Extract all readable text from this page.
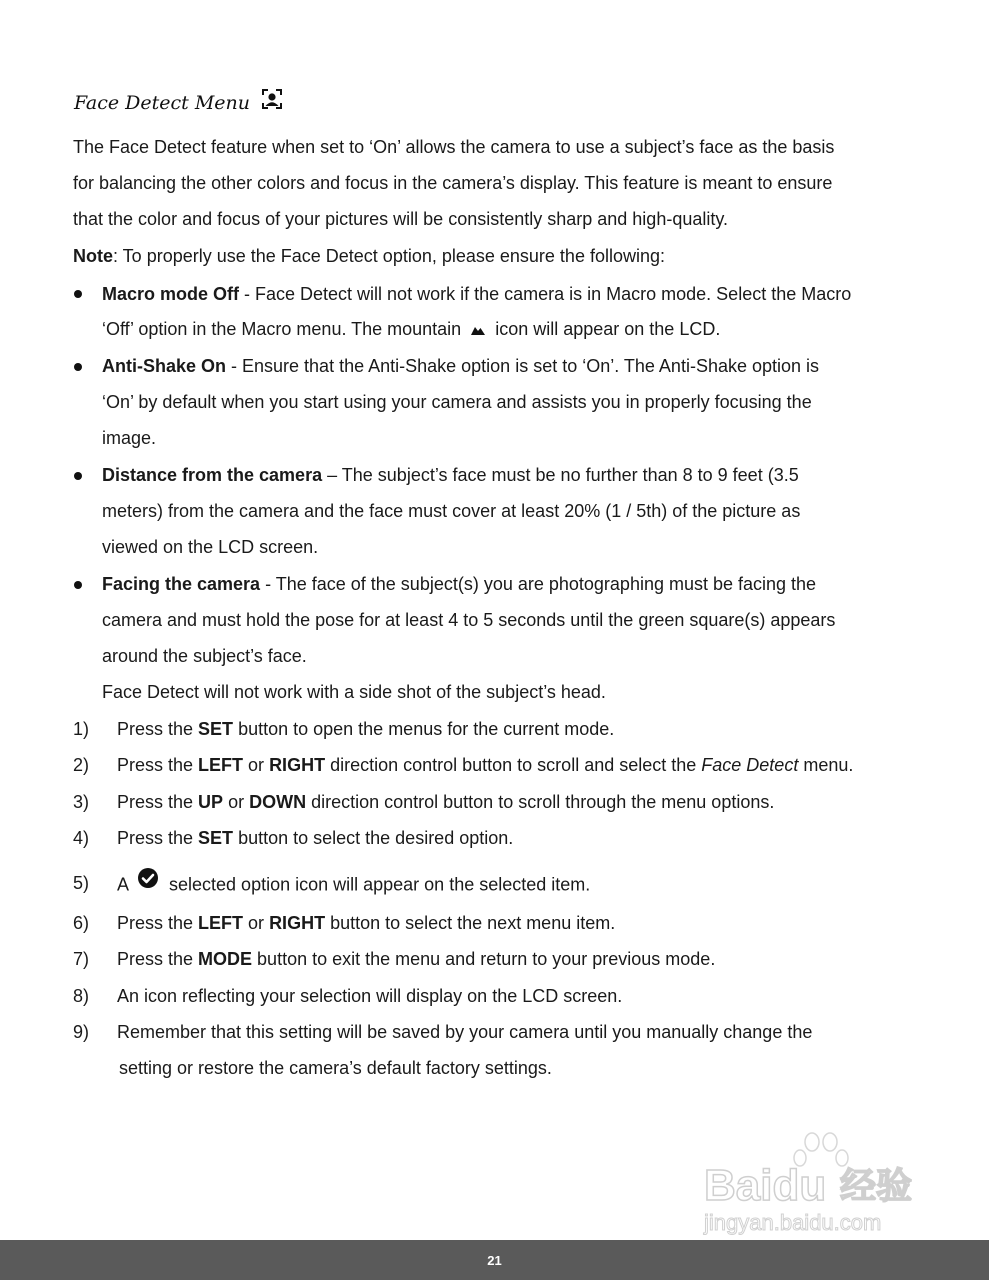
Face Detect Menu
The Face Detect feature when set to ‘On’ allows the camera to use a subject’s face as the basis
for balancing the other colors and focus in the camera’s display. This feature is meant to ensure
that the color and focus of your pictures will be consistently sharp and high-quality.
Note: To properly use the Face Detect option, please ensure the following:
Macro mode Off - Face Detect will not work if the camera is in Macro mode. Select the Macro
‘Off’ option in the Macro menu. The mountain icon will appear on the LCD.
Anti-Shake On - Ensure that the Anti-Shake option is set to ‘On’. The Anti-Shake option is
‘On’ by default when you start using your camera and assists you in properly focusing the
image.
Distance from the camera – The subject’s face must be no further than 8 to 9 feet (3.5
meters) from the camera and the face must cover at least 20% (1 / 5th) of the picture as
viewed on the LCD screen.
Facing the camera - The face of the subject(s) you are photographing must be facing the
camera and must hold the pose for at least 4 to 5 seconds until the green square(s) appears
around the subject’s face.
Face Detect will not work with a side shot of the subject’s head.
1) Press the SET button to open the menus for the current mode.
2) Press the LEFT or RIGHT direction control button to scroll and select the Face Detect menu.
3) Press the UP or DOWN direction control button to scroll through the menu options.
4) Press the SET button to select the desired option.
5) A selected option icon will appear on the selected item.
6) Press the LEFT or RIGHT button to select the next menu item.
7) Press the MODE button to exit the menu and return to your previous mode.
8) An icon reflecting your selection will display on the LCD screen.
9) Remember that this setting will be saved by your camera until you manually change the
setting or restore the camera’s default factory settings.
Baidu 经验
jingyan.baidu.com
21
